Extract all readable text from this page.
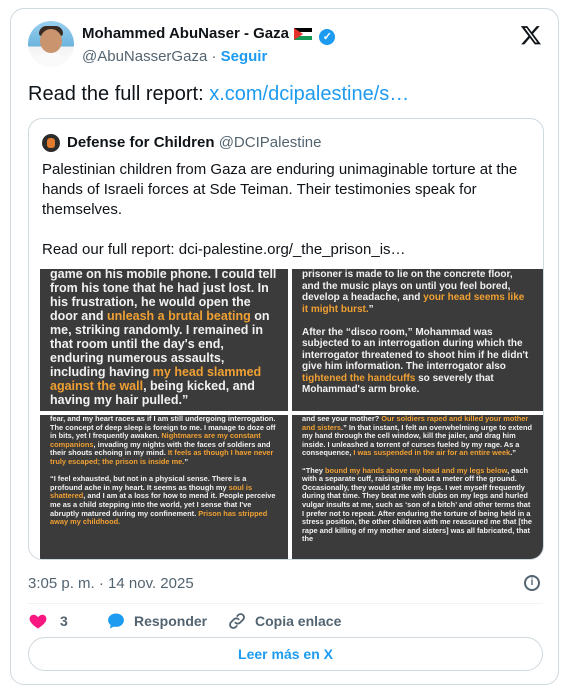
Mohammed AbuNaser - Gaza	✓
@AbuNasserGaza · Seguir
Read the full report: x.com/dcipalestine/s…
Defense for Children @DCIPalestine
Palestinian children from Gaza are enduring unimaginable torture at the hands of Israeli forces at Sde Teiman. Their testimonies speak for themselves.

Read our full report: dci-palestine.org/_the_prison_is…

game on his mobile phone. I could tell from his tone that he had just lost. In his frustration, he would open the door and unleash a brutal beating on me, striking randomly. I remained in that room until the day's end, enduring numerous assaults, including having my head slammed against the wall, being kicked, and having my hair pulled.”

prisoner is made to lie on the concrete floor, and the music plays on until you feel bored, develop a headache, and your head seems like it might burst.”

After the “disco room,” Mohammad was subjected to an interrogation during which the interrogator threatened to shoot him if he didn't give him information. The interrogator also tightened the handcuffs so severely that Mohammad's arm broke.

fear, and my heart races as if I am still undergoing interrogation. The concept of deep sleep is foreign to me. I manage to doze off in bits, yet I frequently awaken. Nightmares are my constant companions, invading my nights with the faces of soldiers and their shouts echoing in my mind. It feels as though I have never truly escaped; the prison is inside me.”

“I feel exhausted, but not in a physical sense. There is a profound ache in my heart. It seems as though my soul is shattered, and I am at a loss for how to mend it. People perceive me as a child stepping into the world, yet I sense that I've abruptly matured during my confinement. Prison has stripped away my childhood.

and see your mother? Our soldiers raped and killed your mother and sisters.” In that instant, I felt an overwhelming urge to extend my hand through the cell window, kill the jailer, and drag him inside. I unleashed a torrent of curses fueled by my rage. As a consequence, I was suspended in the air for an entire week.”

“They bound my hands above my head and my legs below, each with a separate cuff, raising me about a meter off the ground. Occasionally, they would strike my legs. I wet myself frequently during that time. They beat me with clubs on my legs and hurled vulgar insults at me, such as ‘son of a bitch’ and other terms that I prefer not to repeat. After enduring the torture of being held in a stress position, the other children with me reassured me that [the rape and killing of my mother and sisters] was all fabricated, that the

3:05 p. m. · 14 nov. 2025	i
3	Responder	Copia enlace
Leer más en X
